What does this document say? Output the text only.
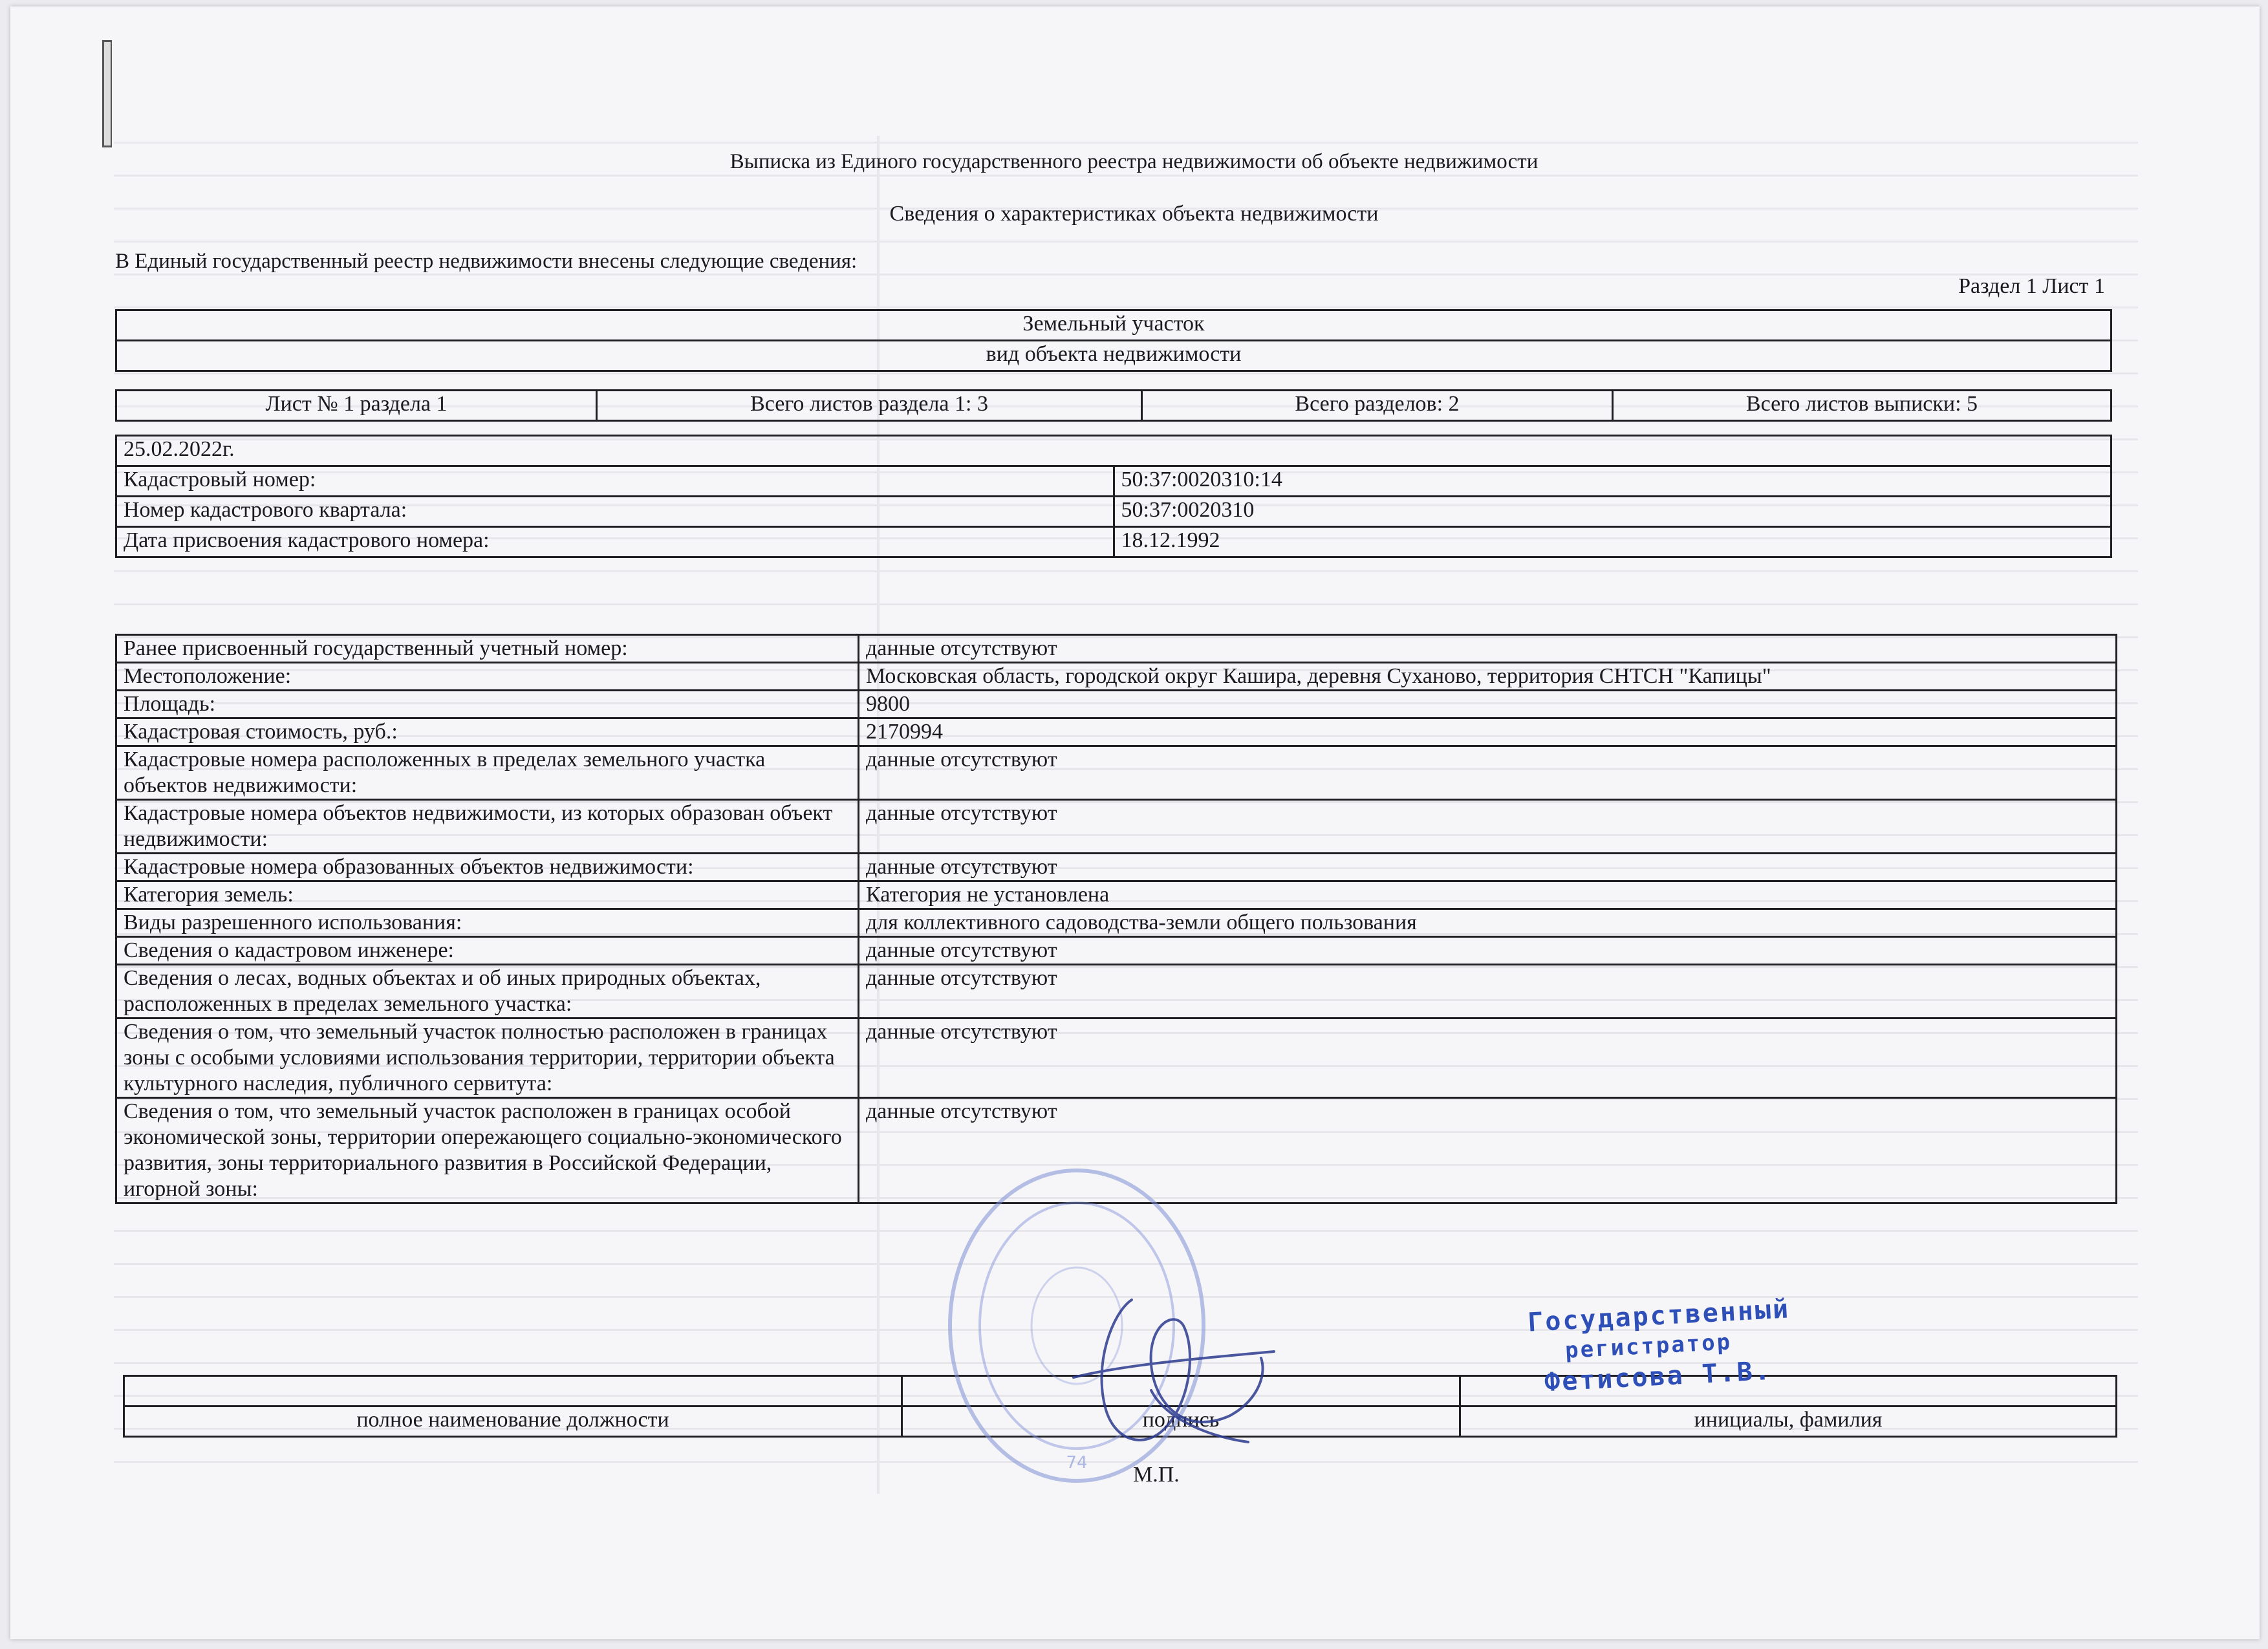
Выписка из Единого государственного реестра недвижимости об объекте недвижимости
Сведения о характеристиках объекта недвижимости
В Единый государственный реестр недвижимости внесены следующие сведения:
Раздел 1 Лист 1
Земельный участок
вид объекта недвижимости
Лист № 1 раздела 1	Всего листов раздела 1: 3	Всего разделов: 2	Всего листов выписки: 5
25.02.2022г.	
Кадастровый номер:	50:37:0020310:14
Номер кадастрового квартала:	50:37:0020310
Дата присвоения кадастрового номера:	18.12.1992
Ранее присвоенный государственный учетный номер:	данные отсутствуют
Местоположение:	Московская область, городской округ Кашира, деревня Суханово, территория СНТСН "Капицы"
Площадь:	9800
Кадастровая стоимость, руб.:	2170994
Кадастровые номера расположенных в пределах земельного участка объектов недвижимости:	данные отсутствуют
Кадастровые номера объектов недвижимости, из которых образован объект недвижимости:	данные отсутствуют
Кадастровые номера образованных объектов недвижимости:	данные отсутствуют
Категория земель:	Категория не установлена
Виды разрешенного использования:	для коллективного садоводства-земли общего пользования
Сведения о кадастровом инженере:	данные отсутствуют
Сведения о лесах, водных объектах и об иных природных объектах, расположенных в пределах земельного участка:	данные отсутствуют
Сведения о том, что земельный участок полностью расположен в границах зоны с особыми условиями использования территории, территории объекта культурного наследия, публичного сервитута:	данные отсутствуют
Сведения о том, что земельный участок расположен в границах особой экономической зоны, территории опережающего социально-экономического развития, зоны территориального развития в Российской Федерации, игорной зоны:	данные отсутствуют

полное наименование должности	подпись	инициалы, фамилия
М.П.
74
Государственный
регистратор
Фетисова Т.В.
